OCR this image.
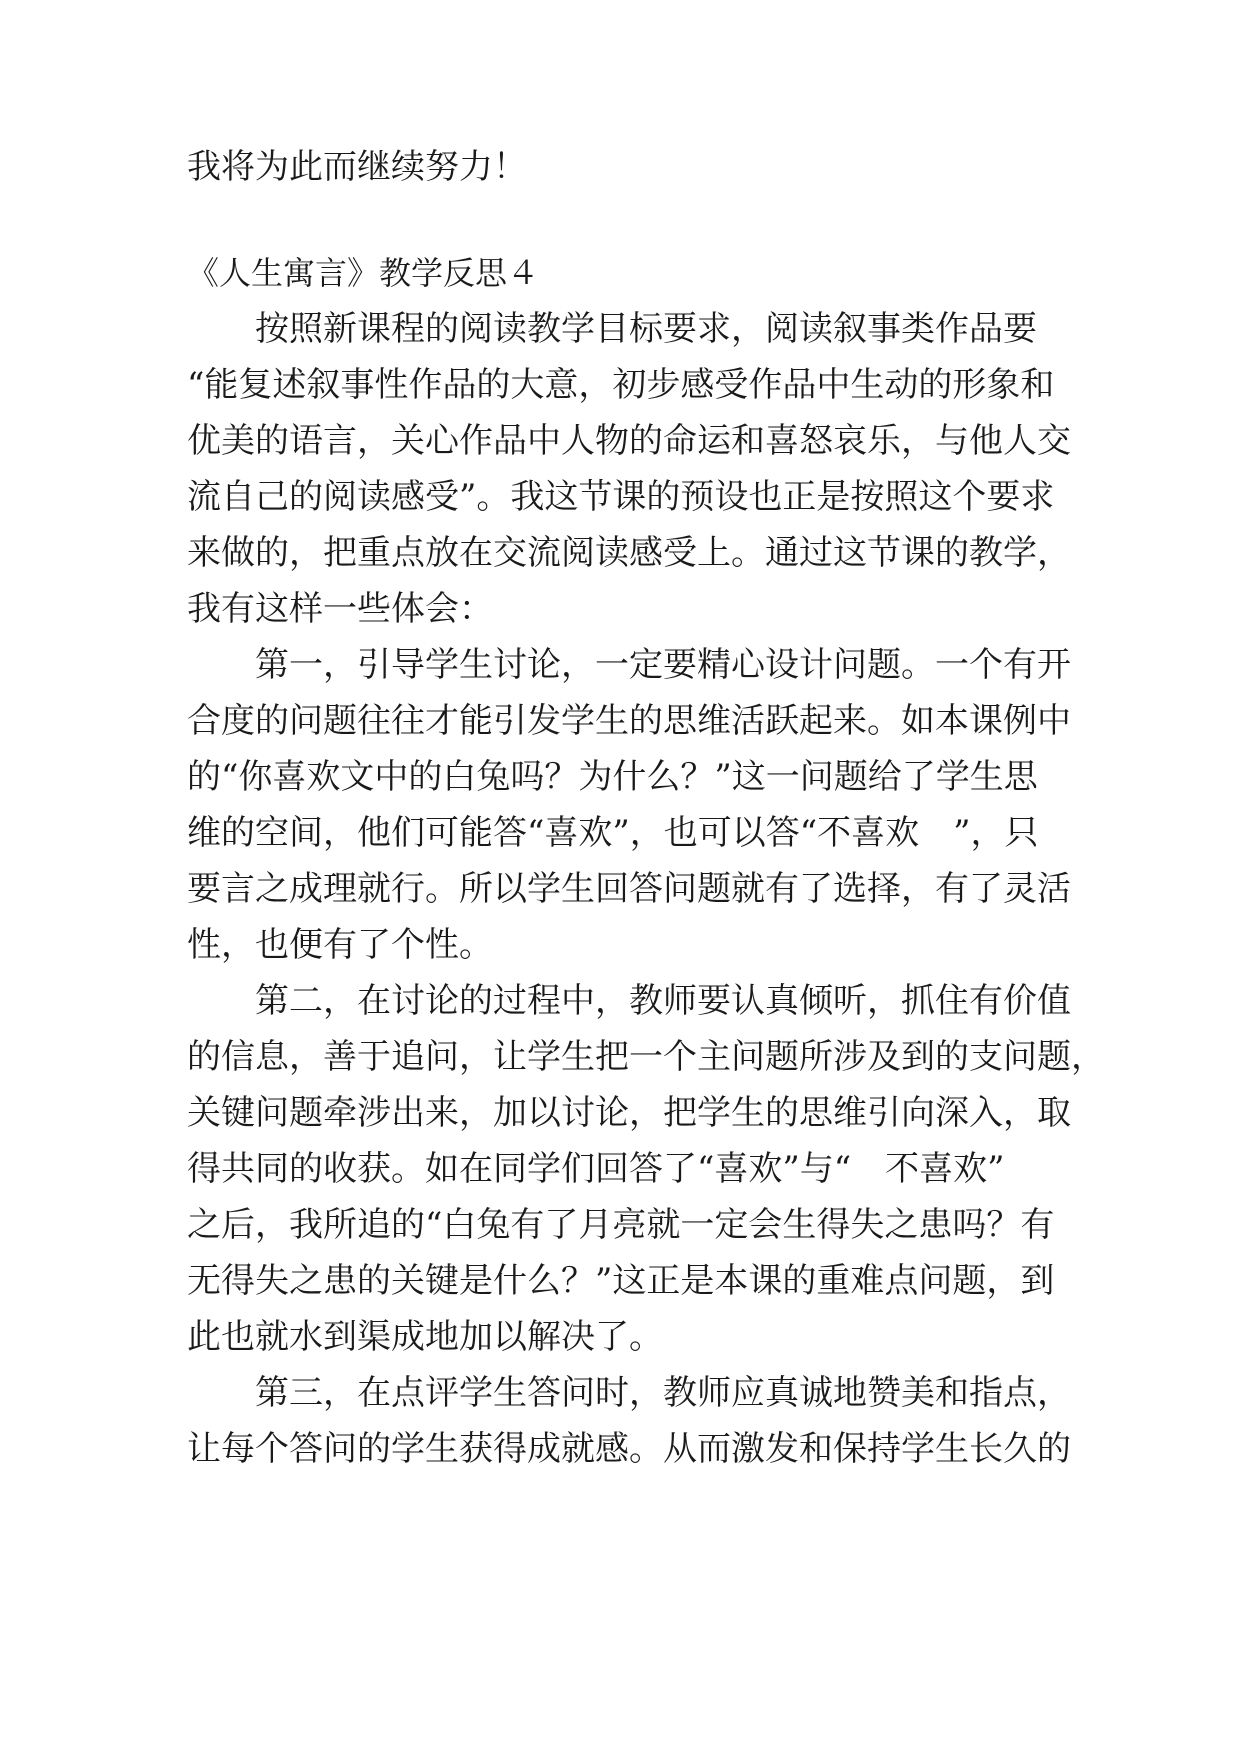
我将为此而继续努力！
《人生寓言》教学反思４
　　按照新课程的阅读教学目标要求，阅读叙事类作品要
“能复述叙事性作品的大意，初步感受作品中生动的形象和
优美的语言，关心作品中人物的命运和喜怒哀乐，与他人交
流自己的阅读感受”。我这节课的预设也正是按照这个要求
来做的，把重点放在交流阅读感受上。通过这节课的教学，
我有这样一些体会：
　　第一，引导学生讨论，一定要精心设计问题。一个有开
合度的问题往往才能引发学生的思维活跃起来。如本课例中
的“你喜欢文中的白兔吗？为什么？”这一问题给了学生思
维的空间，他们可能答“喜欢”，也可以答“不喜欢　”，只
要言之成理就行。所以学生回答问题就有了选择，有了灵活
性，也便有了个性。
　　第二，在讨论的过程中，教师要认真倾听，抓住有价值
的信息，善于追问，让学生把一个主问题所涉及到的支问题，
关键问题牵涉出来，加以讨论，把学生的思维引向深入，取
得共同的收获。如在同学们回答了“喜欢”与“　不喜欢”
之后，我所追的“白兔有了月亮就一定会生得失之患吗？有
无得失之患的关键是什么？”这正是本课的重难点问题，到
此也就水到渠成地加以解决了。
　　第三，在点评学生答问时，教师应真诚地赞美和指点，
让每个答问的学生获得成就感。从而激发和保持学生长久的
